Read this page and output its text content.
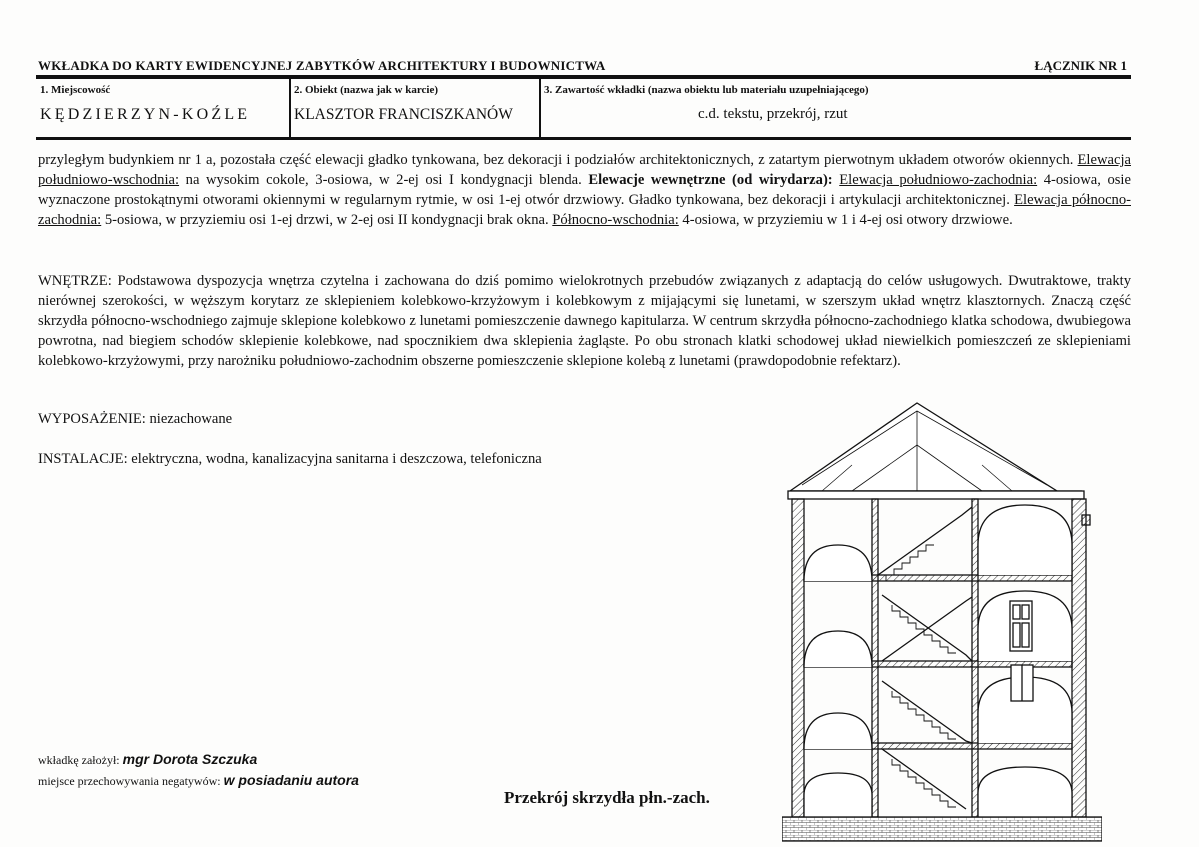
WKŁADKA DO KARTY EWIDENCYJNEJ ZABYTKÓW ARCHITEKTURY I BUDOWNICTWA	ŁĄCZNIK NR 1
1. Miejscowość
KĘDZIERZYN-KOŹLE
2. Obiekt (nazwa jak w karcie)
KLASZTOR FRANCISZKANÓW
3. Zawartość wkładki (nazwa obiektu lub materiału uzupełniającego)
c.d. tekstu, przekrój, rzut

przyległym budynkiem nr 1 a, pozostała część elewacji gładko tynkowana, bez dekoracji i podziałów architektonicznych, z zatartym pierwotnym układem otworów okiennych. Elewacja południowo-wschodnia: na wysokim cokole, 3-osiowa, w 2-ej osi I kondygnacji blenda. Elewacje wewnętrzne (od wirydarza): Elewacja południowo-zachodnia: 4-osiowa, osie wyznaczone prostokątnymi otworami okiennymi w regularnym rytmie, w osi 1-ej otwór drzwiowy. Gładko tynkowana, bez dekoracji i artykulacji architektonicznej. Elewacja północno-zachodnia: 5-osiowa, w przyziemiu osi 1-ej drzwi, w 2-ej osi II kondygnacji brak okna. Północno-wschodnia: 4-osiowa, w przyziemiu w 1 i 4-ej osi otwory drzwiowe.

WNĘTRZE: Podstawowa dyspozycja wnętrza czytelna i zachowana do dziś pomimo wielokrotnych przebudów związanych z adaptacją do celów usługowych. Dwutraktowe, trakty nierównej szerokości, w węższym korytarz ze sklepieniem kolebkowo-krzyżowym i kolebkowym z mijającymi się lunetami, w szerszym układ wnętrz klasztornych. Znaczą część skrzydła północno-wschodniego zajmuje sklepione kolebkowo z lunetami pomieszczenie dawnego kapitularza. W centrum skrzydła północno-zachodniego klatka schodowa, dwubiegowa powrotna, nad biegiem schodów sklepienie kolebkowe, nad spocznikiem dwa sklepienia żagląste. Po obu stronach klatki schodowej układ niewielkich pomieszczeń ze sklepieniami kolebkowo-krzyżowymi, przy narożniku południowo-zachodnim obszerne pomieszczenie sklepione kolebą z lunetami (prawdopodobnie refektarz).

WYPOSAŻENIE: niezachowane
INSTALACJE: elektryczna, wodna, kanalizacyjna sanitarna i deszczowa, telefoniczna
wkładkę założył: mgr Dorota Szczuka
miejsce przechowywania negatywów: w posiadaniu autora
Przekrój skrzydła płn.-zach.
